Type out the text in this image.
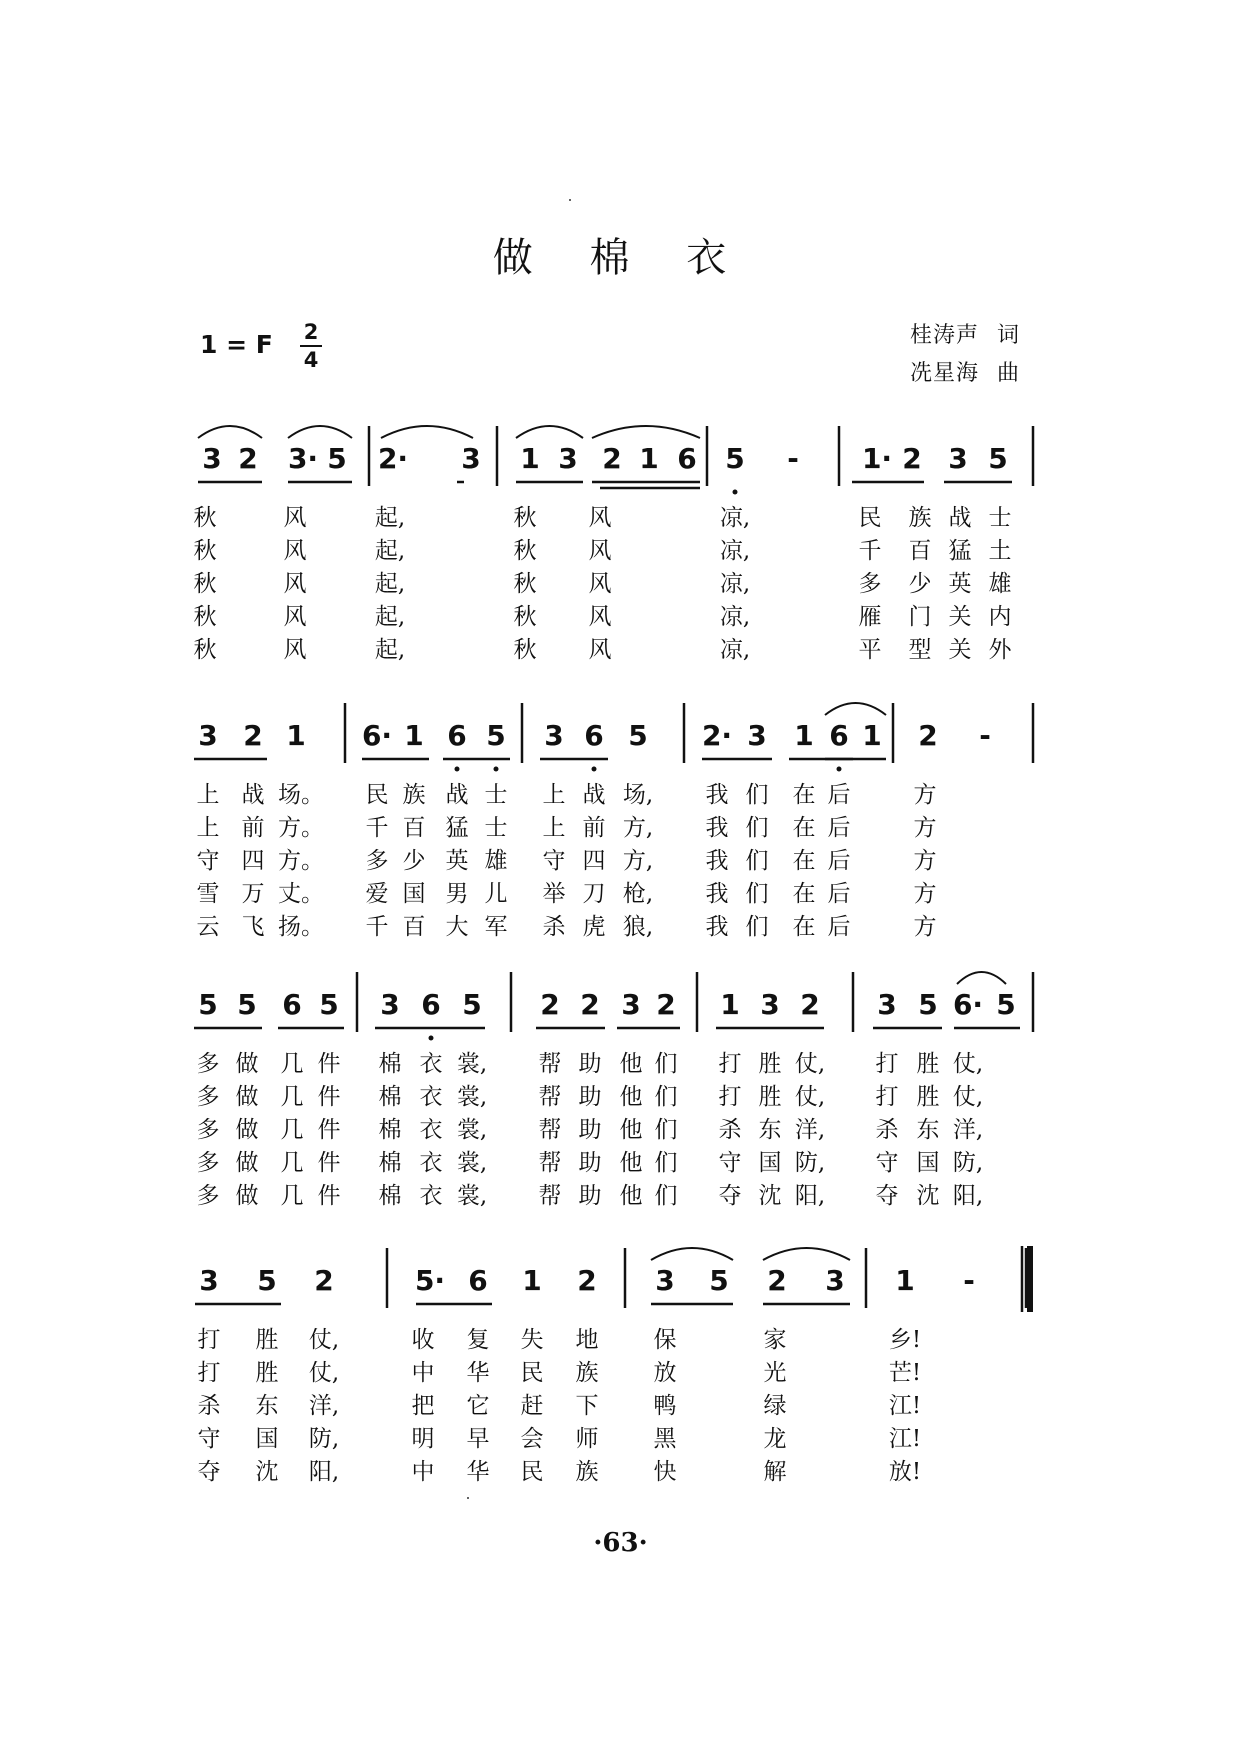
做 棉 衣
1 = F 2
4
桂涛声 词
冼星海 曲
3 2 3· 5 2· 3 1 3 2 1 6 5 - 1· 2 3 5
秋	风	起,	秋 风	凉,	民 族 战 士
秋	风	起,	秋 风	凉,	千 百 猛 土
秋	风	起,	秋 风	凉,	多 少 英 雄
秋	风	起,	秋 风	凉,	雁 门 关 内
秋	风	起,	秋 风	凉,	平 型 关 外
3 2 1 6· 1 6 5 3 6 5 2· 3 1 6 1 2 -
上 战 场。 民 族 战 士 上 战 场, 我 们 在 后	方
上 前 方。 千 百 猛 士 上 前 方, 我 们 在 后	方
守 四 方。 多 少 英 雄 守 四 方, 我 们 在 后	方
雪 万 丈。 爱 国 男 儿 举 刀 枪, 我 们 在 后	方
云 飞 扬。 千 百 大 军 杀 虎 狼, 我 们 在 后	方
5 5 6 5 3 6 5 2 2 3 2 1 3 2 3 5 6· 5
多 做 几 件 棉 衣 裳, 帮 助 他 们 打 胜 仗, 打 胜 仗,
多 做 几 件 棉 衣 裳, 帮 助 他 们 打 胜 仗, 打 胜 仗,
多 做 几 件 棉 衣 裳, 帮 助 他 们 杀 东 洋, 杀 东 洋,
多 做 几 件 棉 衣 裳, 帮 助 他 们 守 国 防, 守 国 防,
多 做 几 件 棉 衣 裳, 帮 助 他 们 夺 沈 阳, 夺 沈 阳,
3 5 2	5· 6 1 2 3 5 2 3 1 -
打 胜 仗,	收 复 失 地 保	家	乡!
打 胜 仗,	中 华 民 族 放	光	芒!
杀 东 洋,	把 它 赶 下 鸭	绿	江!
守 国 防,	明 早 会 师 黑	龙	江!
夺 沈 阳,	中 华 民 族 快	解	放!
·63·
